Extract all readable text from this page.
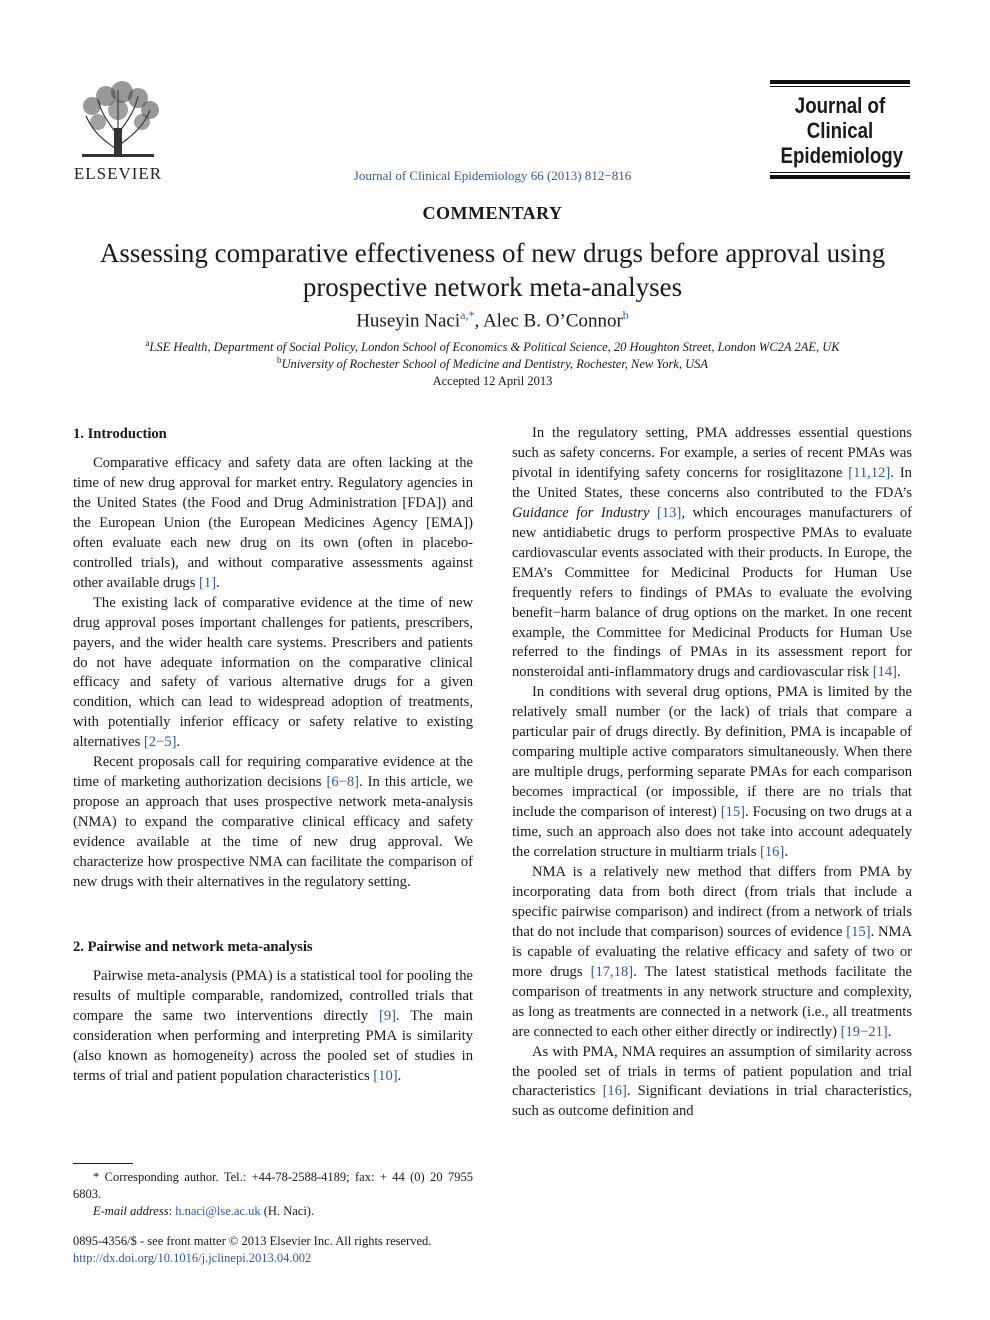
ELSEVIER	Journal of Clinical Epidemiology 66 (2013) 812−816
Journal of
Clinical
Epidemiology
COMMENTARY
Assessing comparative effectiveness of new drugs before approval using prospective network meta-analyses
Huseyin Naci$^{a,*}$, Alec B. O’Connor$^b$
$^a$LSE Health, Department of Social Policy, London School of Economics & Political Science, 20 Houghton Street, London WC2A 2AE, UK
$^b$University of Rochester School of Medicine and Dentistry, Rochester, New York, USA
Accepted 12 April 2013
1. Introduction

Comparative efficacy and safety data are often lacking at the time of new drug approval for market entry. Regulatory agencies in the United States (the Food and Drug Administration [FDA]) and the European Union (the European Medicines Agency [EMA]) often evaluate each new drug on its own (often in placebo-controlled trials), and without comparative assessments against other available drugs [1].

The existing lack of comparative evidence at the time of new drug approval poses important challenges for patients, prescribers, payers, and the wider health care systems. Prescribers and patients do not have adequate information on the comparative clinical efficacy and safety of various alternative drugs for a given condition, which can lead to widespread adoption of treatments, with potentially inferior efficacy or safety relative to existing alternatives [2−5].

Recent proposals call for requiring comparative evidence at the time of marketing authorization decisions [6−8]. In this article, we propose an approach that uses prospective network meta-analysis (NMA) to expand the comparative clinical efficacy and safety evidence available at the time of new drug approval. We characterize how prospective NMA can facilitate the comparison of new drugs with their alternatives in the regulatory setting.

2. Pairwise and network meta-analysis

Pairwise meta-analysis (PMA) is a statistical tool for pooling the results of multiple comparable, randomized, controlled trials that compare the same two interventions directly [9]. The main consideration when performing and interpreting PMA is similarity (also known as homogeneity) across the pooled set of studies in terms of trial and patient population characteristics [10].

* Corresponding author. Tel.: +44-78-2588-4189; fax: + 44 (0) 20 7955 6803.

E-mail address: h.naci@lse.ac.uk (H. Naci).

0895-4356/$ - see front matter © 2013 Elsevier Inc. All rights reserved.
http://dx.doi.org/10.1016/j.jclinepi.2013.04.002

In the regulatory setting, PMA addresses essential questions such as safety concerns. For example, a series of recent PMAs was pivotal in identifying safety concerns for rosiglitazone [11,12]. In the United States, these concerns also contributed to the FDA’s Guidance for Industry [13], which encourages manufacturers of new antidiabetic drugs to perform prospective PMAs to evaluate cardiovascular events associated with their products. In Europe, the EMA’s Committee for Medicinal Products for Human Use frequently refers to findings of PMAs to evaluate the evolving benefit−harm balance of drug options on the market. In one recent example, the Committee for Medicinal Products for Human Use referred to the findings of PMAs in its assessment report for nonsteroidal anti-inflammatory drugs and cardiovascular risk [14].

In conditions with several drug options, PMA is limited by the relatively small number (or the lack) of trials that compare a particular pair of drugs directly. By definition, PMA is incapable of comparing multiple active comparators simultaneously. When there are multiple drugs, performing separate PMAs for each comparison becomes impractical (or impossible, if there are no trials that include the comparison of interest) [15]. Focusing on two drugs at a time, such an approach also does not take into account adequately the correlation structure in multiarm trials [16].

NMA is a relatively new method that differs from PMA by incorporating data from both direct (from trials that include a specific pairwise comparison) and indirect (from a network of trials that do not include that comparison) sources of evidence [15]. NMA is capable of evaluating the relative efficacy and safety of two or more drugs [17,18]. The latest statistical methods facilitate the comparison of treatments in any network structure and complexity, as long as treatments are connected in a network (i.e., all treatments are connected to each other either directly or indirectly) [19−21].

As with PMA, NMA requires an assumption of similarity across the pooled set of trials in terms of patient population and trial characteristics [16]. Significant deviations in trial characteristics, such as outcome definition and
